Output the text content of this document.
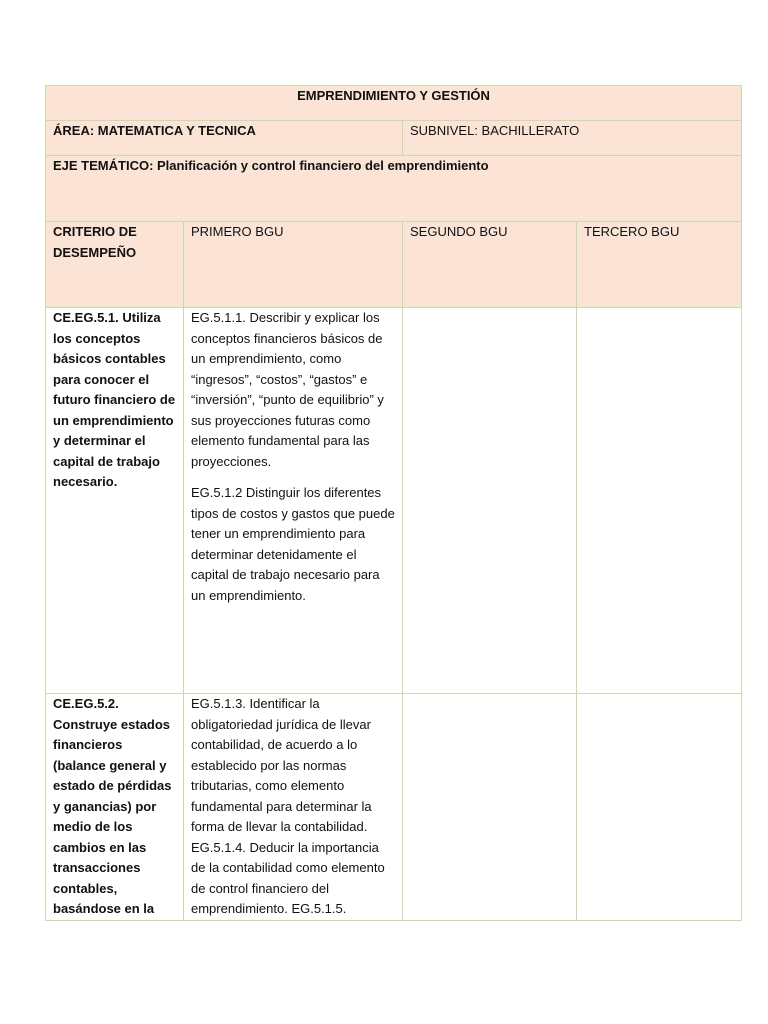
EMPRENDIMIENTO Y GESTIÓN			
ÁREA: MATEMATICA Y TECNICA		SUBNIVEL: BACHILLERATO	
EJE TEMÁTICO: Planificación y control financiero del emprendimiento			
CRITERIO DE DESEMPEÑO	PRIMERO BGU	SEGUNDO BGU	TERCERO BGU
CE.EG.5.1. Utiliza los conceptos básicos contables para conocer el futuro financiero de un emprendimiento y determinar el capital de trabajo necesario.	EG.5.1.1. Describir y explicar los conceptos financieros básicos de un emprendimiento, como “ingresos”, “costos”, “gastos” e “inversión”, “punto de equilibrio” y sus proyecciones futuras como elemento fundamental para las proyecciones.

EG.5.1.2 Distinguir los diferentes tipos de costos y gastos que puede tener un emprendimiento para determinar detenidamente el capital de trabajo necesario para un emprendimiento.		

CE.EG.5.2. Construye estados financieros (balance general y estado de pérdidas y ganancias) por medio de los cambios en las transacciones contables, basándose en la	EG.5.1.3. Identificar la obligatoriedad jurídica de llevar contabilidad, de acuerdo a lo establecido por las normas tributarias, como elemento fundamental para determinar la forma de llevar la contabilidad. EG.5.1.4. Deducir la importancia de la contabilidad como elemento de control financiero del emprendimiento. EG.5.1.5.		
